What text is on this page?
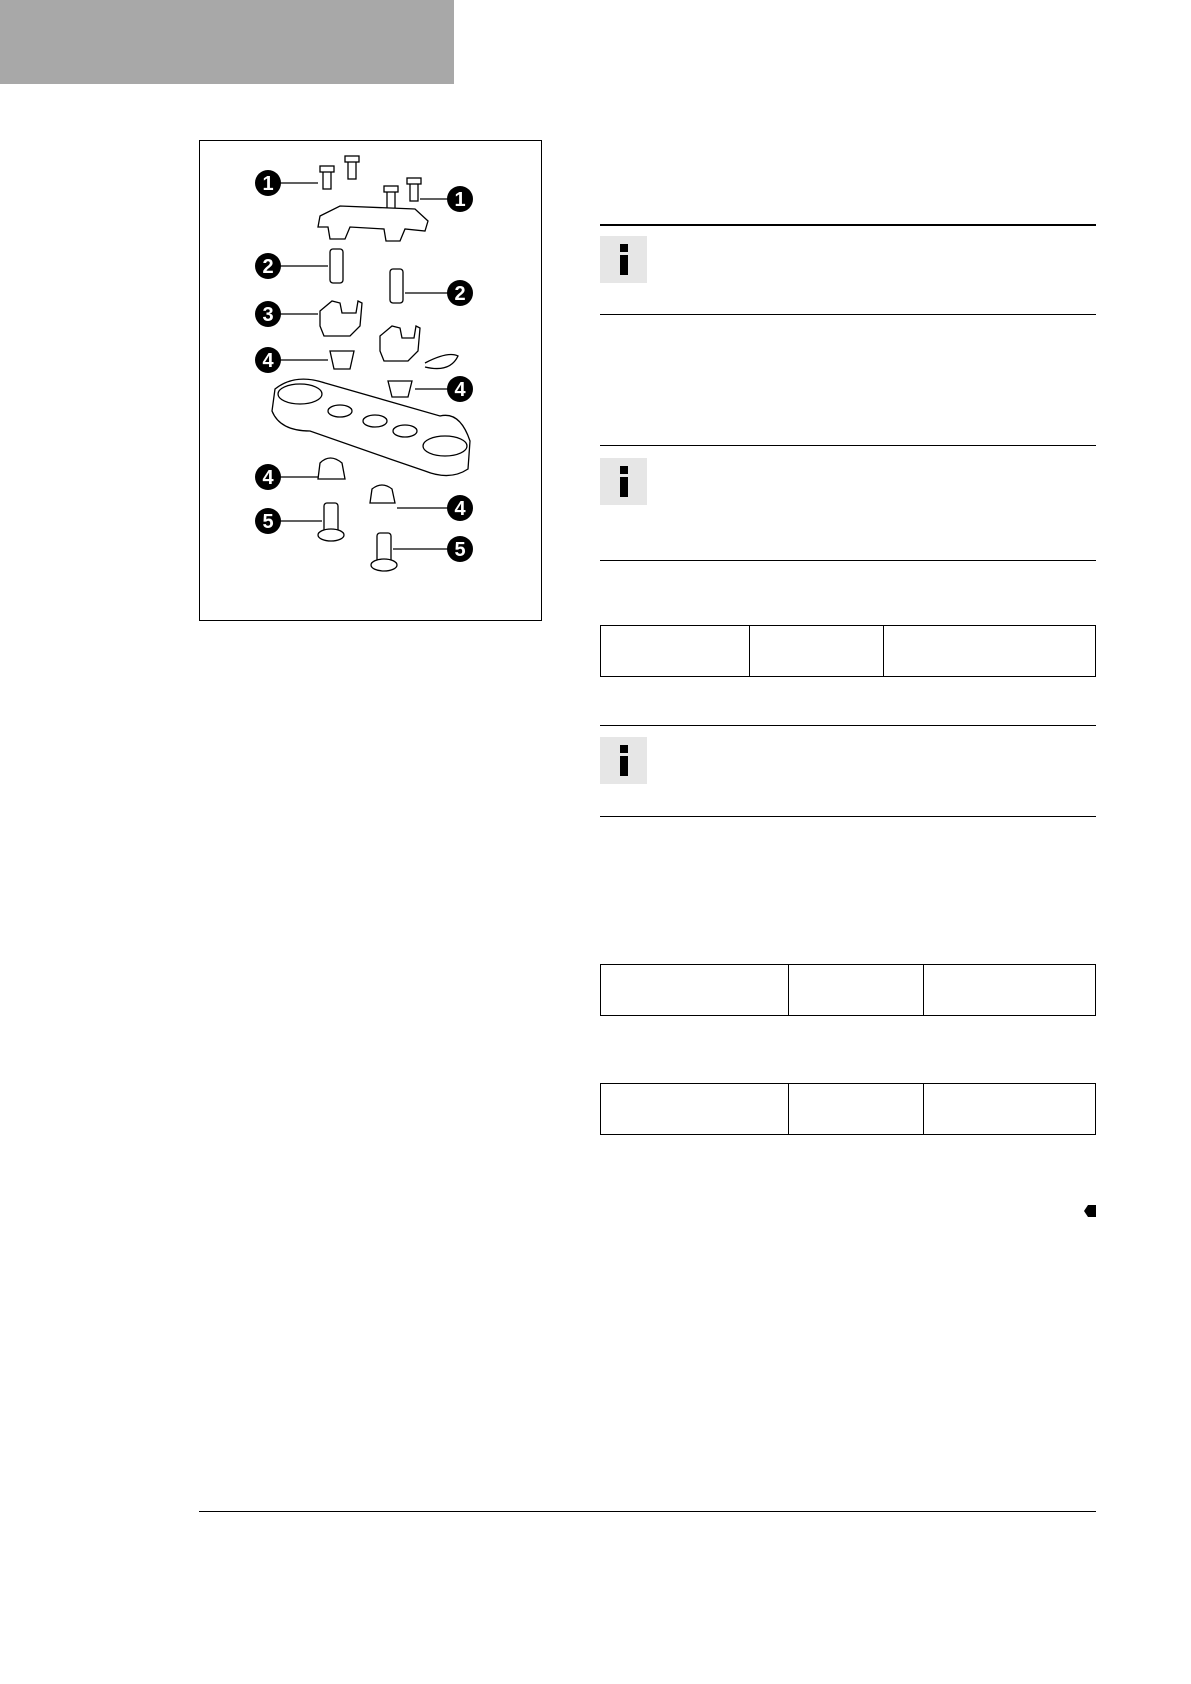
1
1
2
2
3
4
4
4
4
5
5
